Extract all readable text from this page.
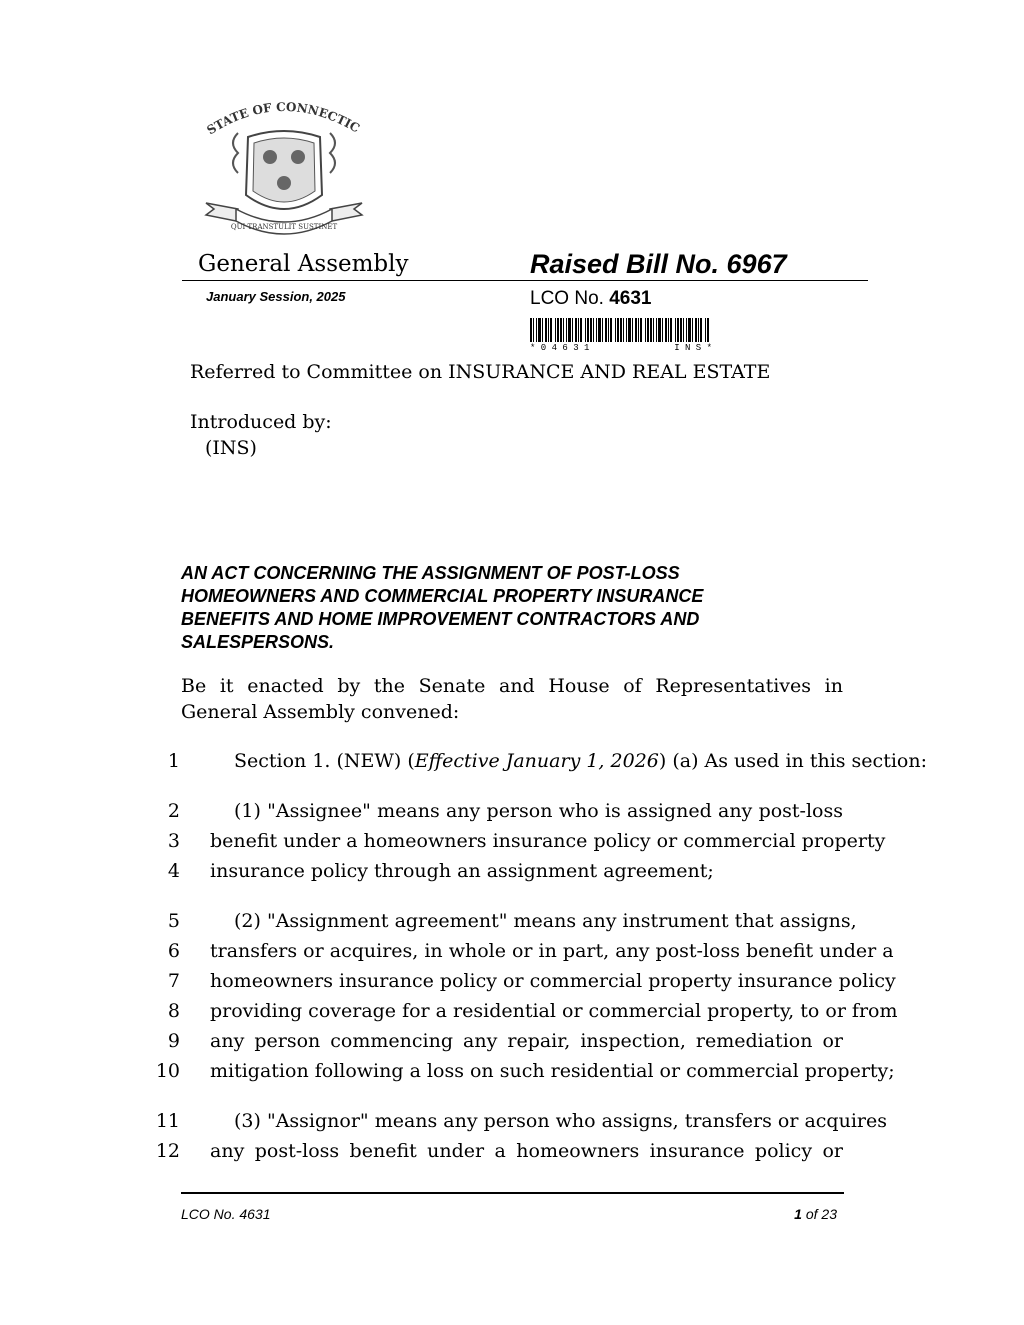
STATE OF CONNECTIC
QUI TRANSTULIT SUSTINET
General Assembly	Raised Bill No. 6967
January Session, 2025	LCO No. 4631
* 0 4 6 3 1	I N S *
Referred to Committee on INSURANCE AND REAL ESTATE
Introduced by:
(INS)
AN ACT CONCERNING THE ASSIGNMENT OF POST-LOSS HOMEOWNERS AND COMMERCIAL PROPERTY INSURANCE BENEFITS AND HOME IMPROVEMENT CONTRACTORS AND SALESPERSONS.
Be it enacted by the Senate and House of Representatives in General Assembly convened:
1	Section 1. (NEW) (Effective January 1, 2026) (a) As used in this section:
2	(1) "Assignee" means any person who is assigned any post-loss
3 benefit under a homeowners insurance policy or commercial property
4 insurance policy through an assignment agreement;
5	(2) "Assignment agreement" means any instrument that assigns,
6 transfers or acquires, in whole or in part, any post-loss benefit under a
7 homeowners insurance policy or commercial property insurance policy
8 providing coverage for a residential or commercial property, to or from
9 any person commencing any repair, inspection, remediation or
10 mitigation following a loss on such residential or commercial property;
11	(3) "Assignor" means any person who assigns, transfers or acquires
12 any post-loss benefit under a homeowners insurance policy or
LCO No. 4631	1 of 23
